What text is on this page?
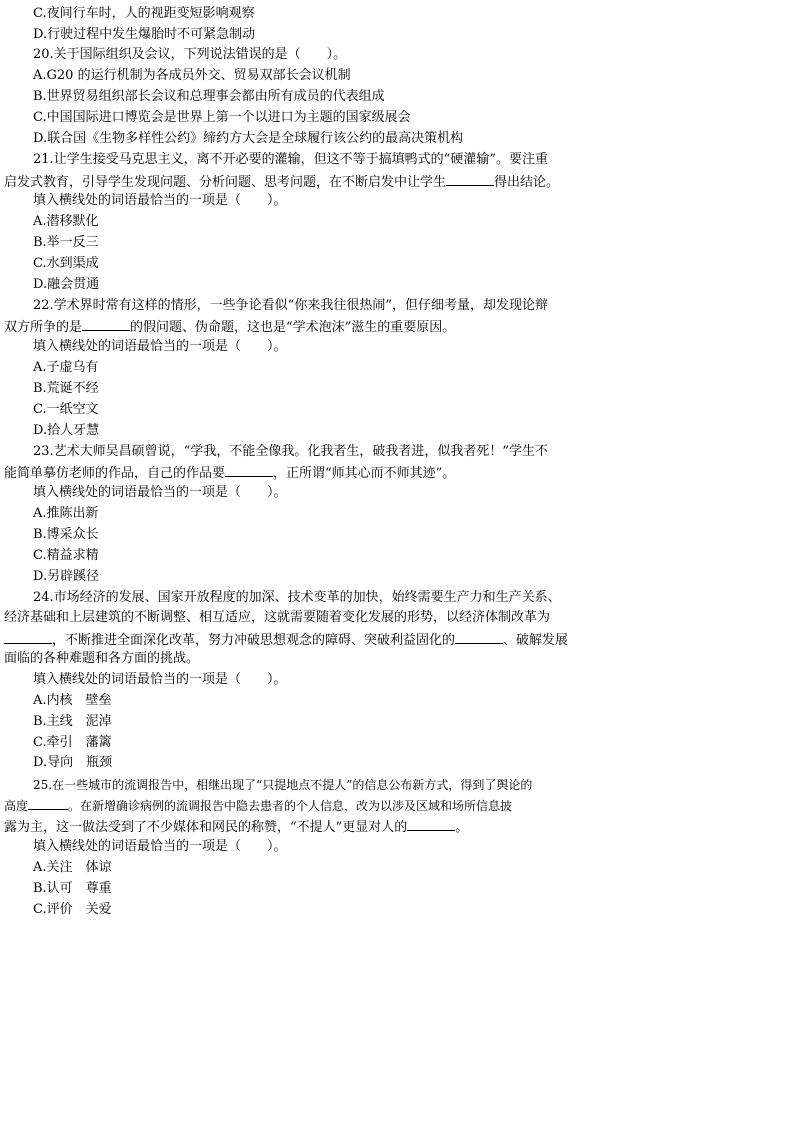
C.夜间行车时，人的视距变短影响观察
D.行驶过程中发生爆胎时不可紧急制动
20.关于国际组织及会议，下列说法错误的是（　　）。
A.G20 的运行机制为各成员外交、贸易双部长会议机制
B.世界贸易组织部长会议和总理事会都由所有成员的代表组成
C.中国国际进口博览会是世界上第一个以进口为主题的国家级展会
D.联合国《生物多样性公约》缔约方大会是全球履行该公约的最高决策机构
21.让学生接受马克思主义，离不开必要的灌输，但这不等于搞填鸭式的“硬灌输”。要注重
启发式教育，引导学生发现问题、分析问题、思考问题，在不断启发中让学生	得出结论。
填入横线处的词语最恰当的一项是（　　）。
A.潜移默化
B.举一反三
C.水到渠成
D.融会贯通
22.学术界时常有这样的情形，一些争论看似“你来我往很热闹”，但仔细考量，却发现论辩
双方所争的是	的假问题、伪命题，这也是“学术泡沫”滋生的重要原因。
填入横线处的词语最恰当的一项是（　　）。
A.子虚乌有
B.荒诞不经
C.一纸空文
D.拾人牙慧
23.艺术大师吴昌硕曾说，“学我，不能全像我。化我者生，破我者进，似我者死！”学生不
能简单摹仿老师的作品，自己的作品要	，正所谓“师其心而不师其迹”。
填入横线处的词语最恰当的一项是（　　）。
A.推陈出新
B.博采众长
C.精益求精
D.另辟蹊径
24.市场经济的发展、国家开放程度的加深、技术变革的加快，始终需要生产力和生产关系、
经济基础和上层建筑的不断调整、相互适应，这就需要随着变化发展的形势，以经济体制改革为
，不断推进全面深化改革，努力冲破思想观念的障碍、突破利益固化的	、破解发展
面临的各种难题和各方面的挑战。
填入横线处的词语最恰当的一项是（　　）。
A.内核　壁垒
B.主线　泥淖
C.牵引　藩篱
D.导向　瓶颈
25.在一些城市的流调报告中，相继出现了“只提地点不提人”的信息公布新方式，得到了舆论的
高度	。在新增确诊病例的流调报告中隐去患者的个人信息，改为以涉及区域和场所信息披
露为主，这一做法受到了不少媒体和网民的称赞，“不提人”更显对人的	。
填入横线处的词语最恰当的一项是（　　）。
A.关注　体谅
B.认可　尊重
C.评价　关爱
